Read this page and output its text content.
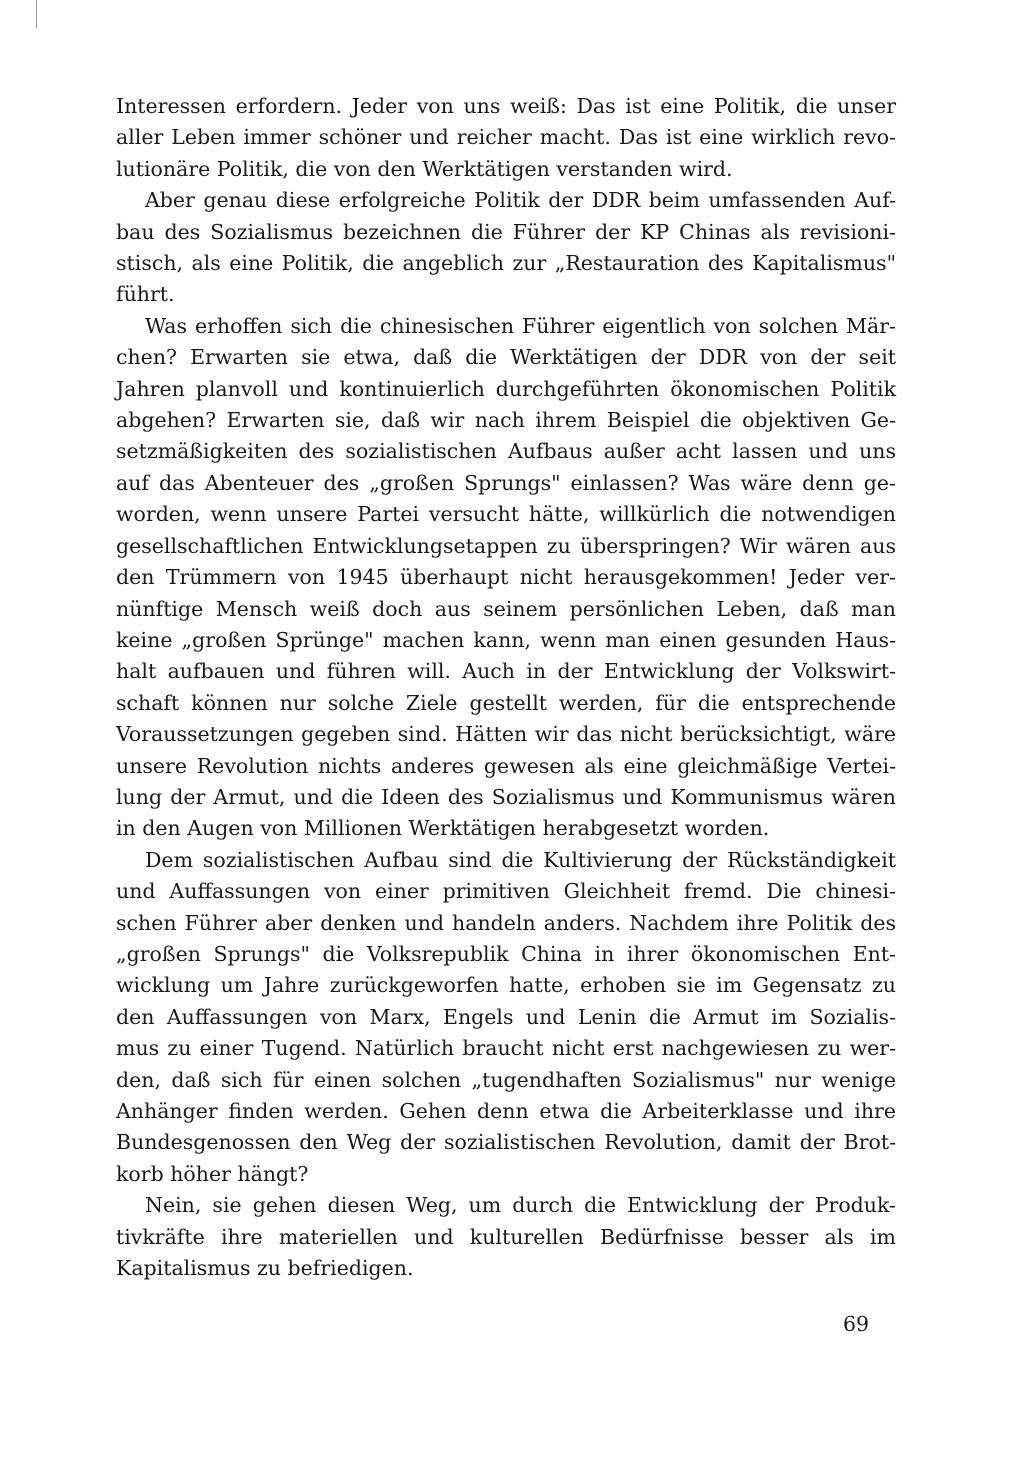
Interessen erfordern. Jeder von uns weiß: Das ist eine Politik, die unser
aller Leben immer schöner und reicher macht. Das ist eine wirklich revo-
lutionäre Politik, die von den Werktätigen verstanden wird.

Aber genau diese erfolgreiche Politik der DDR beim umfassenden Auf-
bau des Sozialismus bezeichnen die Führer der KP Chinas als revisioni-
stisch, als eine Politik, die angeblich zur „Restauration des Kapitalismus"
führt.

Was erhoffen sich die chinesischen Führer eigentlich von solchen Mär-
chen? Erwarten sie etwa, daß die Werktätigen der DDR von der seit
Jahren planvoll und kontinuierlich durchgeführten ökonomischen Politik
abgehen? Erwarten sie, daß wir nach ihrem Beispiel die objektiven Ge-
setzmäßigkeiten des sozialistischen Aufbaus außer acht lassen und uns
auf das Abenteuer des „großen Sprungs" einlassen? Was wäre denn ge-
worden, wenn unsere Partei versucht hätte, willkürlich die notwendigen
gesellschaftlichen Entwicklungsetappen zu überspringen? Wir wären aus
den Trümmern von 1945 überhaupt nicht herausgekommen! Jeder ver-
nünftige Mensch weiß doch aus seinem persönlichen Leben, daß man
keine „großen Sprünge" machen kann, wenn man einen gesunden Haus-
halt aufbauen und führen will. Auch in der Entwicklung der Volkswirt-
schaft können nur solche Ziele gestellt werden, für die entsprechende
Voraussetzungen gegeben sind. Hätten wir das nicht berücksichtigt, wäre
unsere Revolution nichts anderes gewesen als eine gleichmäßige Vertei-
lung der Armut, und die Ideen des Sozialismus und Kommunismus wären
in den Augen von Millionen Werktätigen herabgesetzt worden.

Dem sozialistischen Aufbau sind die Kultivierung der Rückständigkeit
und Auffassungen von einer primitiven Gleichheit fremd. Die chinesi-
schen Führer aber denken und handeln anders. Nachdem ihre Politik des
„großen Sprungs" die Volksrepublik China in ihrer ökonomischen Ent-
wicklung um Jahre zurückgeworfen hatte, erhoben sie im Gegensatz zu
den Auffassungen von Marx, Engels und Lenin die Armut im Sozialis-
mus zu einer Tugend. Natürlich braucht nicht erst nachgewiesen zu wer-
den, daß sich für einen solchen „tugendhaften Sozialismus" nur wenige
Anhänger finden werden. Gehen denn etwa die Arbeiterklasse und ihre
Bundesgenossen den Weg der sozialistischen Revolution, damit der Brot-
korb höher hängt?

Nein, sie gehen diesen Weg, um durch die Entwicklung der Produk-
tivkräfte ihre materiellen und kulturellen Bedürfnisse besser als im
Kapitalismus zu befriedigen.

69
